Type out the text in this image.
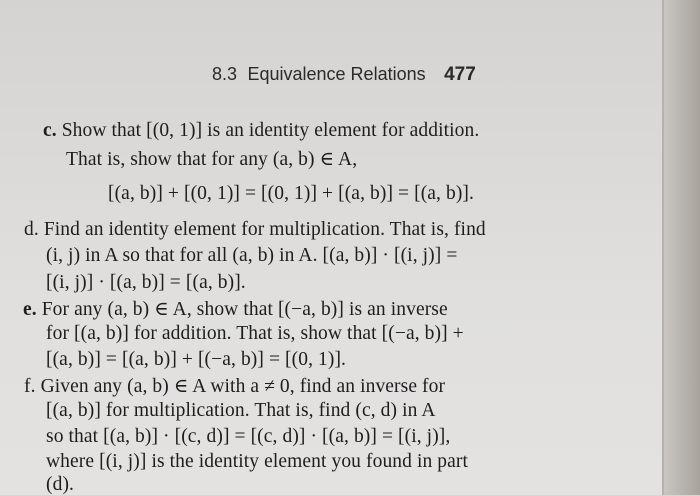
8.3 Equivalence Relations 477
c. Show that [(0, 1)] is an identity element for addition.
That is, show that for any (a, b) ∈ A,
[(a, b)] + [(0, 1)] = [(0, 1)] + [(a, b)] = [(a, b)].
d. Find an identity element for multiplication. That is, find
(i, j) in A so that for all (a, b) in A. [(a, b)] · [(i, j)] =
[(i, j)] · [(a, b)] = [(a, b)].
e. For any (a, b) ∈ A, show that [(−a, b)] is an inverse
for [(a, b)] for addition. That is, show that [(−a, b)] +
[(a, b)] = [(a, b)] + [(−a, b)] = [(0, 1)].
f. Given any (a, b) ∈ A with a ≠ 0, find an inverse for
[(a, b)] for multiplication. That is, find (c, d) in A
so that [(a, b)] · [(c, d)] = [(c, d)] · [(a, b)] = [(i, j)],
where [(i, j)] is the identity element you found in part
(d).
